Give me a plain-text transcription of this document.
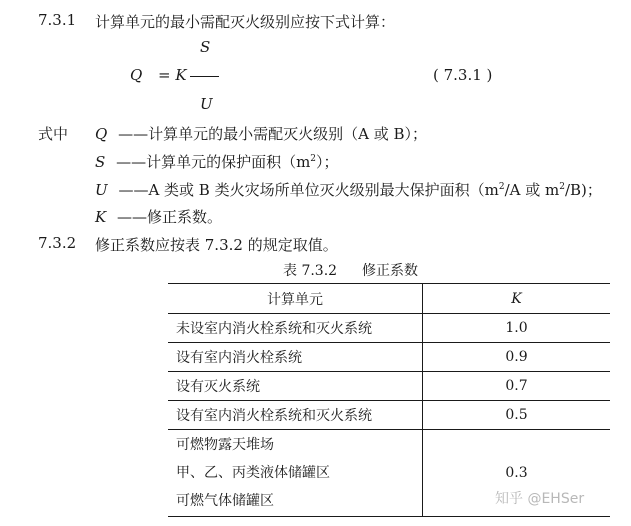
7.3.1 计算单元的最小需配灭火级别应按下式计算：
S
Q = K
U
( 7.3.1 )
式中 Q ——计算单元的最小需配灭火级别（A 或 B）；
S ——计算单元的保护面积$(m^2)$；
U ——A 类或 B 类火灾场所单位灭火级别最大保护面积（$m^2/A$ 或 $m^2/B$)；
K ——修正系数。
7.3.2 修正系数应按表 7.3.2 的规定取值。
表 7.3.2 修正系数
计算单元	K
未设室内消火栓系统和灭火系统	1.0
设有室内消火栓系统	0.9
设有灭火系统	0.7
设有室内消火栓系统和灭火系统	0.5

可燃物露天堆场
甲、乙、丙类液体储罐区
可燃气体储罐区	0.3
知乎 @EHSer
